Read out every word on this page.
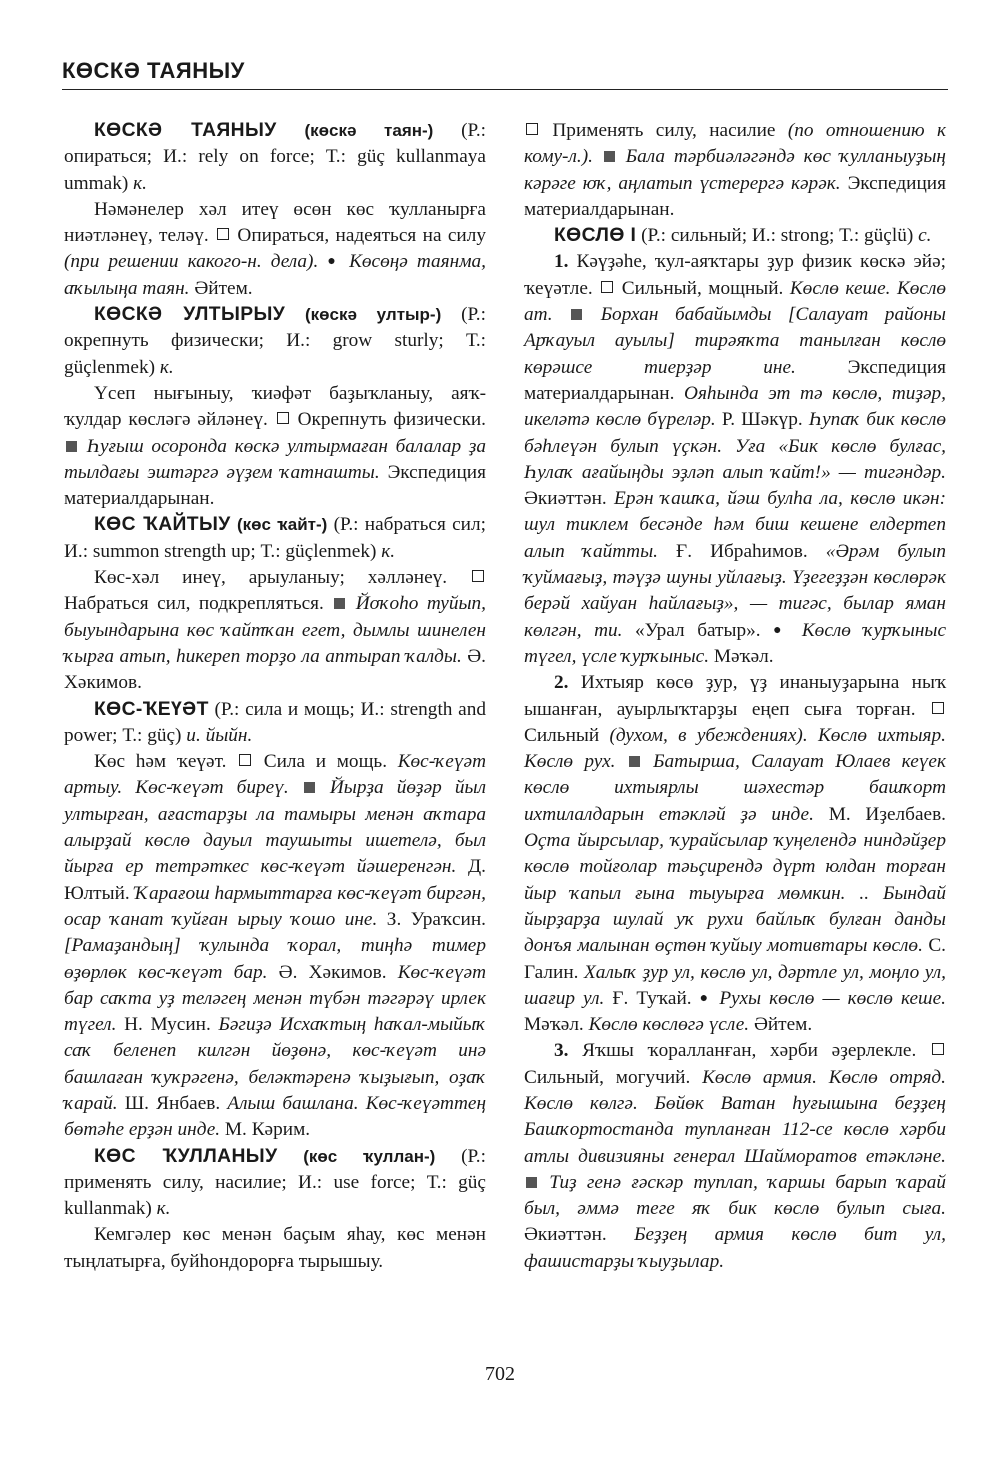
КӨСКӘ ТАЯНЫУ

КӨСКӘ ТАЯНЫУ (көскә таян-) (Р.: опираться; И.: rely on force; Т.: güç kullanmaya ummak) к.

Нәмәнелер хәл итеү өсөн көс ҡулланырға ниәтләнеү, теләү. Опираться, надеяться на силу (при решении какого-н. дела). ● Көсөңә таянма, аҡылыңа таян. Әйтем.

КӨСКӘ УЛТЫРЫУ (көскә ултыр-) (Р.: окрепнуть физически; И.: grow sturly; Т.: güçlenmek) к.

Үсеп нығыныу, ҡиәфәт баҙыҡланыу, аяҡ-ҡулдар көсләгә әйләнеү. Окрепнуть физически.  Һуғыш осоронда көскә ултырмаған балалар ҙа тылдағы эштәргә әүҙем ҡатнашты. Экспедиция материалдарынан.

КӨС ҠАЙТЫУ (көс ҡайт-) (Р.: набраться сил; И.: summon strength up; Т.: güçlenmek) к.

Көс-хәл инеү, арыуланыу; хәлләнеү.  Набраться сил, подкрепляться. Йоҡоһо туйып, быуындарына көс ҡайтҡан егет, дымлы шинелен ҡырға атып, һикереп торҙо ла аптырап ҡалды. Ә. Хәкимов.

КӨС-ҠЕҮӘТ (Р.: сила и мощь; И.: strength and power; Т.: güç) и. йыйн.

Көс һәм ҡеүәт. Сила и мощь. Көс-ҡеүәт артыу. Көс-ҡеүәт биреү. Йырҙа йөҙәр йыл ултырған, ағастарҙы ла тамыры менән аҡтара алырҙай көслө дауыл таушыты ишетелә, был йырға ер тетрәткес көс-ҡеүәт йәшеренгән. Д. Юлтый. Ҡарағош һармыттарға көс-ҡеүәт биргән, осар ҡанат ҡуйған ырыу ҡошо ине. З. Ураҡсин. [Рамаҙандың] ҡулында ҡорал, тиңһә тимер өҙөрлөк көс-ҡеүәт бар. Ә. Хәкимов. Көс-ҡеүәт бар саҡта уҙ теләгең менән түбән тәгәрәү ирлек түгел. Н. Мусин. Бәгиҙә Исхаҡтың һаҡал-мыйыҡ саҡ беленеп килгән йөҙөнә, көс-ҡеүәт инә башлаған ҡуҡрәгенә, беләктәренә ҡыҙығып, оҙаҡ ҡарай. Ш. Янбаев. Алыш башлана. Көс-ҡеүәттең бөтәһе ерҙән инде. М. Кәрим.

КӨС ҠУЛЛАНЫУ (көс ҡуллан-) (Р.: применять силу, насилие; И.: use force; Т.: güç kullanmak) к.

Кемгәлер көс менән баҫым яһау, көс менән тыңлатырға, буйһондорорға тырышыу.

Применять силу, насилие (по отношению к кому-л.). Бала тәрбиәләгәндә көс ҡулланыуҙың кәрәге юҡ, аңлатып үстерергә кәрәк. Экспедиция материалдарынан.

КӨСЛӨ I (Р.: сильный; И.: strong; Т.: güçlü) с.

1. Кәүҙәһе, ҡул-аяҡтары ҙур физик көскә эйә; ҡеүәтле. Сильный, мощный. Көслө кеше. Көслө ат. Борхан бабайымды [Салауат районы Арҡауыл ауылы] тирәяҡта танылған көслө көрәшсе тиерҙәр ине.	Экспедиция материалдарынан. Ояһында эт тә көслө, тиҙәр, икеләтә көслө бүреләр. Р. Шәкүр. Һупаҡ бик көслө бәһлеүән булып үҫкән. Уға «Бик көслө булғас, Һулаҡ ағайыңды эҙләп алып ҡайт!» — тигәндәр. Әкиәттән. Ерән ҡашҡа, йәш булһа ла, көслө икән: шул тиклем бесәнде һәм биш кешене елдертеп алып ҡайтты. Ғ. Ибраһимов. «Әрәм булып ҡуймағыҙ, тәүҙә шуны уйлағыҙ. Үҙегеҙҙән көслөрәк берәй хайуан һайлағыҙ», — тигәс, былар яман көлгән, ти. «Урал батыр». ● Көслө ҡурҡыныс түгел, үсле ҡурҡыныс. Мәҡәл.

2. Ихтыяр көсө ҙур, үҙ инаныуҙарына ныҡ ышанған, ауырлыҡтарҙы еңеп сыға торған.  Сильный (духом, в убеждениях). Көслө ихтыяр. Көслө рух. Батырша, Салауат Юлаев кеүек көслө ихтыярлы шәхестәр башҡорт ихтилалдарын етәкләй ҙә инде. М. Иҙелбаев. Оҫта йырсылар, ҡурайсылар ҡуңелендә ниндәйҙер көслө тойғолар тәьҫирендә дүрт юлдан торған йыр ҡапыл ғына тыуырға мөмкин. .. Бындай йырҙарҙа шулай уҡ рухи байлыҡ булған данды донъя малынан өҫтөн ҡуйыу мотивтары көслө. С. Галин. Халыҡ ҙур ул, көслө ул, дәртле ул, моңло ул, шағир ул. Ғ. Туҡай. ● Рухы көслө — көслө кеше. Мәҡәл. Көслө көслөгә үсле. Әйтем.

3. Яҡшы ҡоралланған, хәрби әҙерлекле.  Сильный, могучий. Көслө армия. Көслө отряд. Көслө көлгә. Бөйөк Ватан һуғышына беҙҙең Башҡортостанда тупланған 112-се көслө хәрби атлы дивизияны генерал Шайморатов етәкләне.  Тиҙ генә ғәскәр туплап, ҡаршы барып ҡарай был, әммә теге яҡ бик көслө булып сыға. Әкиәттән. Беҙҙең армия көслө бит ул, фашистарҙы ҡыуҙылар.

702
